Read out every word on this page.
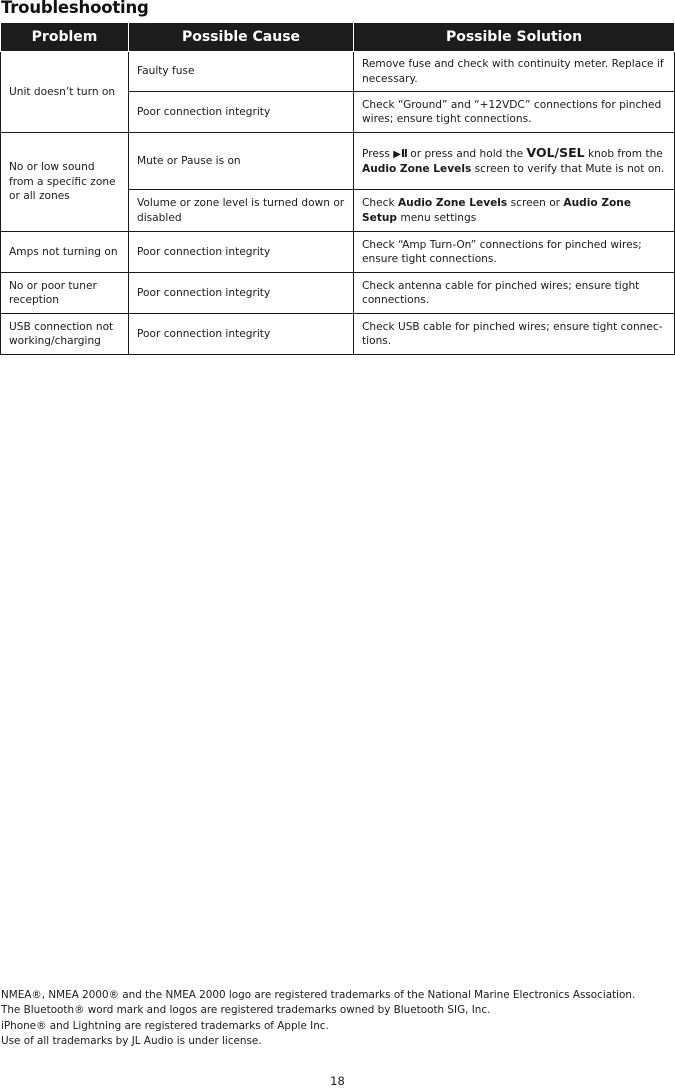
Troubleshooting
Problem	Possible Cause	Possible Solution
Unit doesn’t turn on	Faulty fuse	Remove fuse and check with continuity meter. Replace if necessary.
	Poor connection integrity	Check “Ground” and “+12VDC” connections for pinched wires; ensure tight connections.
No or low sound from a specific zone or all zones	Mute or Pause is on	Press ▶II or press and hold the VOL/SEL knob from the Audio Zone Levels screen to verify that Mute is not on.
	Volume or zone level is turned down or disabled	Check Audio Zone Levels screen or Audio Zone Setup menu settings
Amps not turning on	Poor connection integrity	Check “Amp Turn-On” connections for pinched wires; ensure tight connections.
No or poor tuner reception	Poor connection integrity	Check antenna cable for pinched wires; ensure tight connections.
USB connection not working/charging	Poor connection integrity	Check USB cable for pinched wires; ensure tight connec-tions.
NMEA®, NMEA 2000® and the NMEA 2000 logo are registered trademarks of the National Marine Electronics Association.
The Bluetooth® word mark and logos are registered trademarks owned by Bluetooth SIG, Inc.
iPhone® and Lightning are registered trademarks of Apple Inc.
Use of all trademarks by JL Audio is under license.
18
